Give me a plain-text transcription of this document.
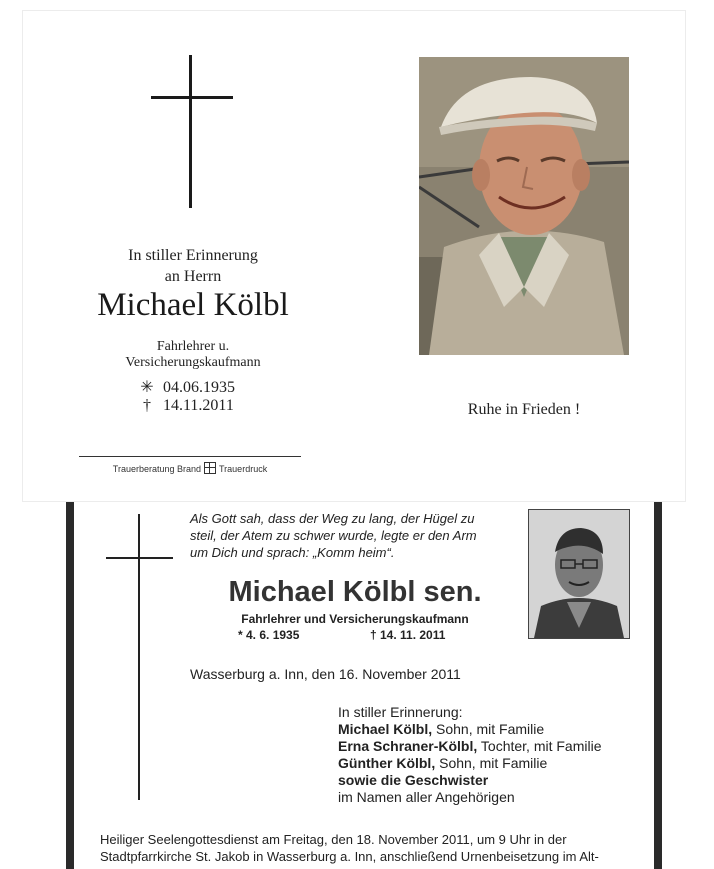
In stiller Erinnerung
an Herrn
Michael Kölbl
Fahrlehrer u.
Versicherungskaufmann
✳ 04.06.1935
† 14.11.2011
Trauerberatung Brand Trauerdruck
Ruhe in Frieden !
Als Gott sah, dass der Weg zu lang, der Hügel zu
steil, der Atem zu schwer wurde, legte er den Arm
um Dich und sprach: „Komm heim“.
Michael Kölbl sen.
Fahrlehrer und Versicherungskaufmann
* 4. 6. 1935	† 14. 11. 2011
Wasserburg a. Inn, den 16. November 2011
In stiller Erinnerung:
Michael Kölbl, Sohn, mit Familie
Erna Schraner-Kölbl, Tochter, mit Familie
Günther Kölbl, Sohn, mit Familie
sowie die Geschwister
im Namen aller Angehörigen
Heiliger Seelengottesdienst am Freitag, den 18. November 2011, um 9 Uhr in der
Stadtpfarrkirche St. Jakob in Wasserburg a. Inn, anschließend Urnenbeisetzung im Alt-
